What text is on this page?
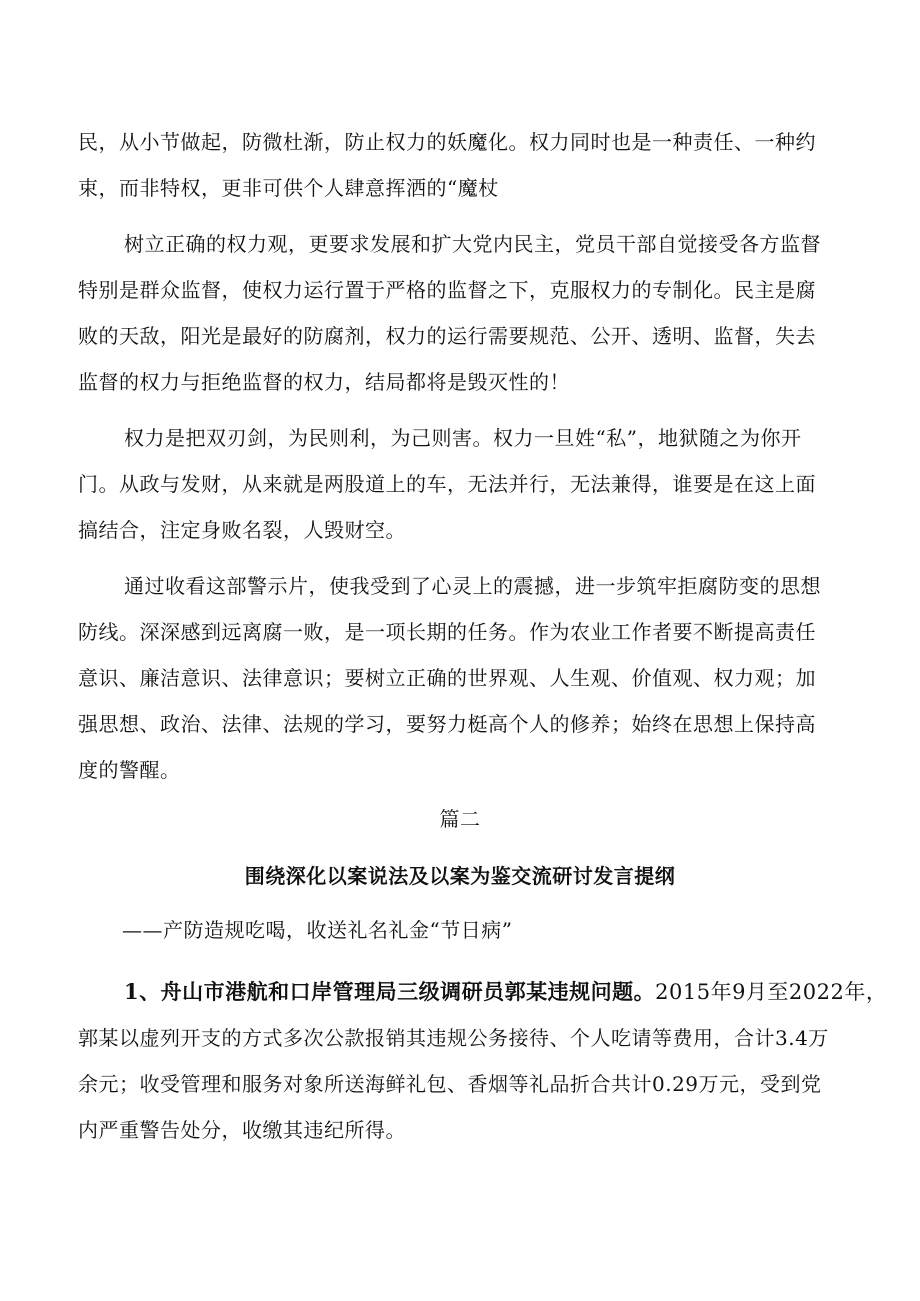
民，从小节做起，防微杜渐，防止权力的妖魔化。权力同时也是一种责任、一种约
束，而非特权，更非可供个人肆意挥洒的“魔杖
树立正确的权力观，更要求发展和扩大党内民主，党员干部自觉接受各方监督
特别是群众监督，使权力运行置于严格的监督之下，克服权力的专制化。民主是腐
败的天敌，阳光是最好的防腐剂，权力的运行需要规范、公开、透明、监督，失去
监督的权力与拒绝监督的权力，结局都将是毁灭性的！
权力是把双刃剑，为民则利，为己则害。权力一旦姓“私”，地狱随之为你开
门。从政与发财，从来就是两股道上的车，无法并行，无法兼得，谁要是在这上面
搞结合，注定身败名裂，人毁财空。
通过收看这部警示片，使我受到了心灵上的震撼，进一步筑牢拒腐防变的思想
防线。深深感到远离腐一败，是一项长期的任务。作为农业工作者要不断提高责任
意识、廉洁意识、法律意识；要树立正确的世界观、人生观、价值观、权力观；加
强思想、政治、法律、法规的学习，要努力梃高个人的修养；始终在思想上保持高
度的警醒。
篇二
围绕深化以案说法及以案为鉴交流研讨发言提纲
——产防造规吃喝，收送礼名礼金“节日病”
1、舟山市港航和口岸管理局三级调研员郭某违规问题。2015年9月至2022年，
郭某以虚列开支的方式多次公款报销其违规公务接待、个人吃请等费用，合计3.4万
余元；收受管理和服务对象所送海鲜礼包、香烟等礼品折合共计0.29万元，受到党
内严重警告处分，收缴其违纪所得。
